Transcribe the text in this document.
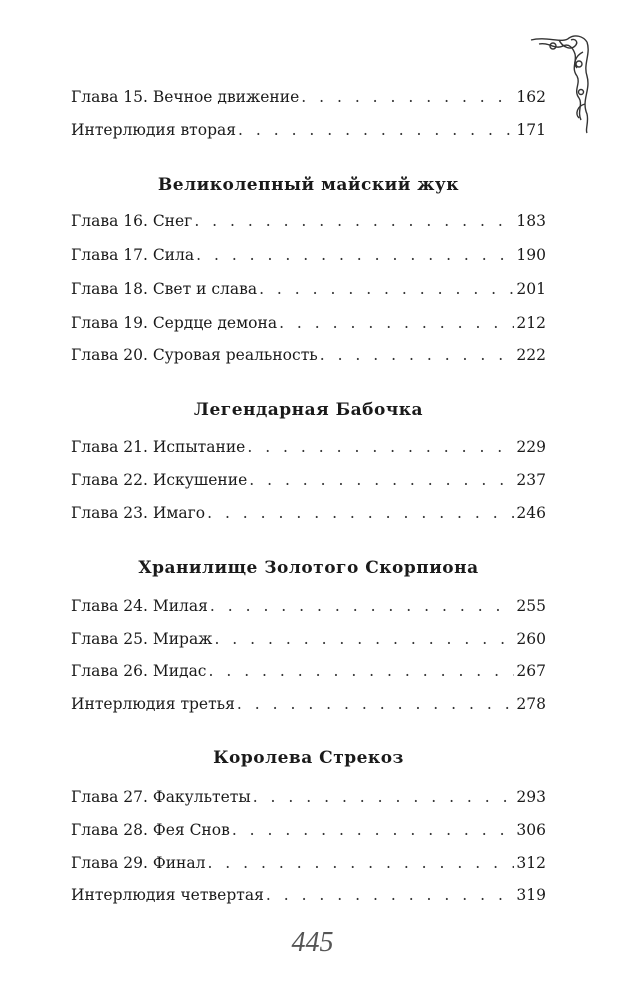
Глава 15. Вечное движение . . .	162
Интерлюдия вторая . . .	171
Великолепный майский жук
Глава 16. Снег . . .	183
Глава 17. Сила . . .	190
Глава 18. Свет и слава . . .	201
Глава 19. Сердце демона . . .	212
Глава 20. Суровая реальность . . .	222
Легендарная Бабочка
Глава 21. Испытание . . .	229
Глава 22. Искушение . . .	237
Глава 23. Имаго . . .	246
Хранилище Золотого Скорпиона
Глава 24. Милая . . .	255
Глава 25. Мираж . . .	260
Глава 26. Мидас . . .	267
Интерлюдия третья . . .	278
Королева Стрекоз
Глава 27. Факультеты . . .	293
Глава 28. Фея Снов . . .	306
Глава 29. Финал . . .	312
Интерлюдия четвертая . . .	319
445
